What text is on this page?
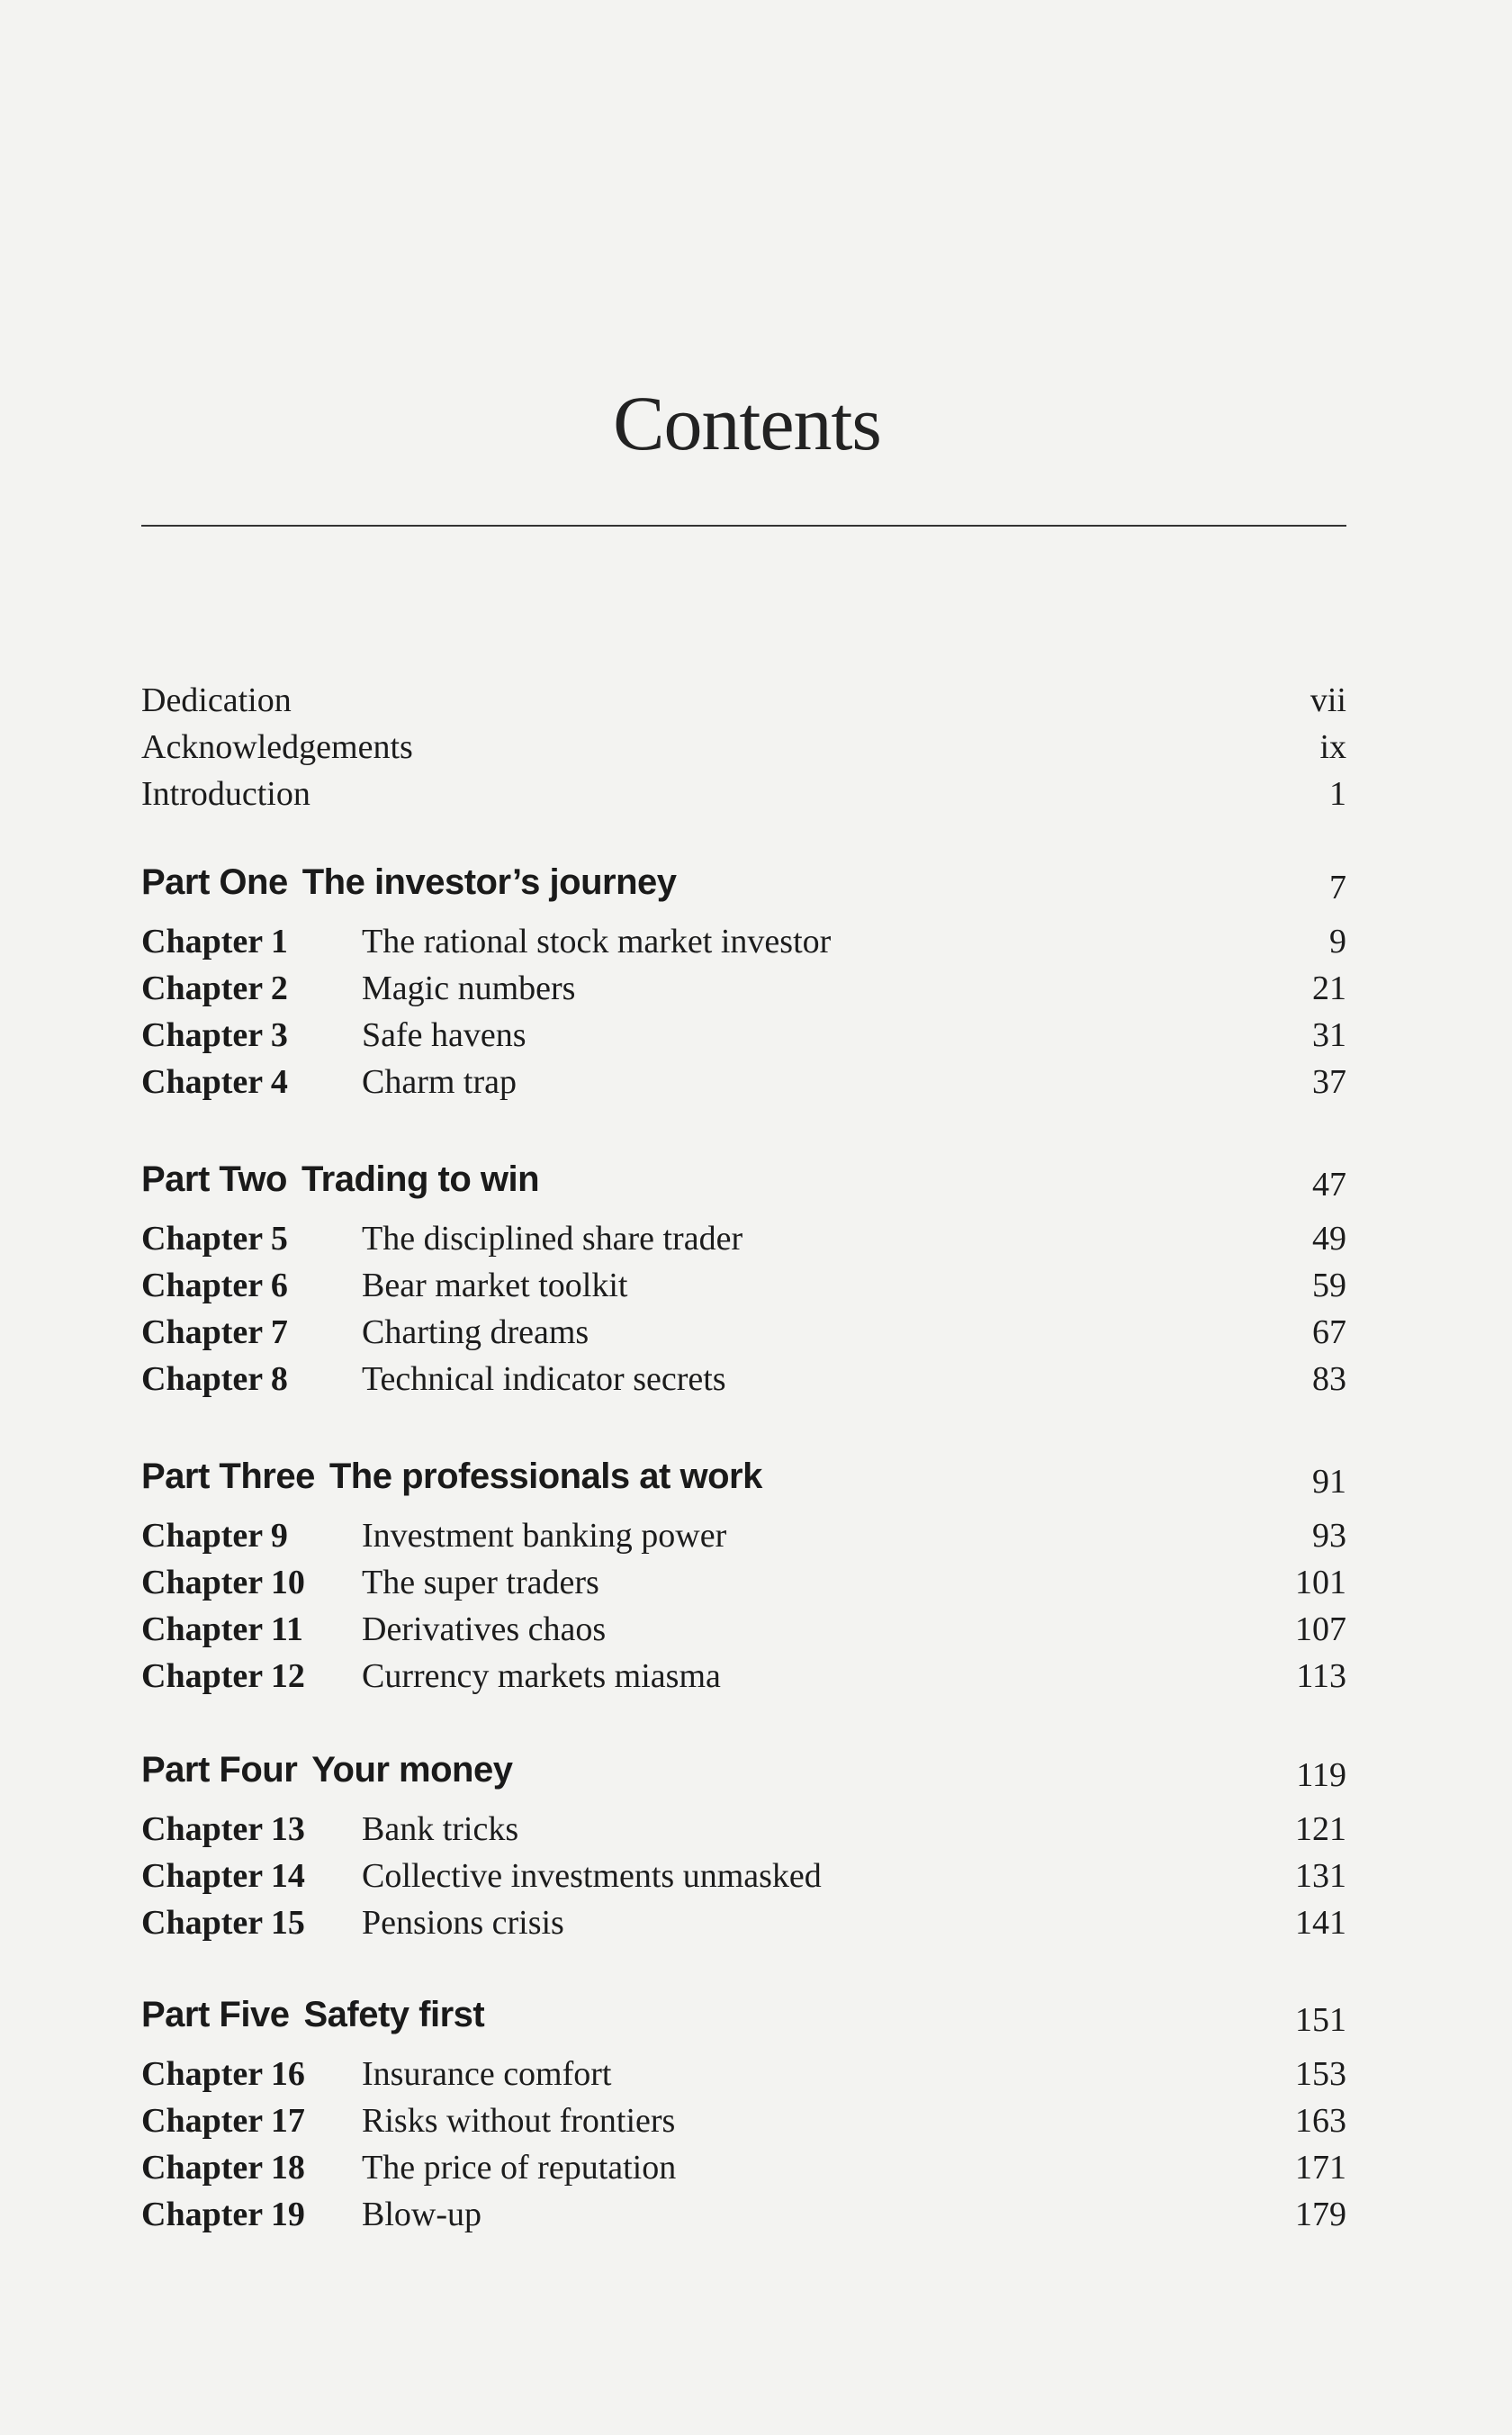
Contents
Dedication	vii
Acknowledgements	ix
Introduction	1
Part One The investor’s journey	7
Chapter 1 The rational stock market investor	9
Chapter 2 Magic numbers	21
Chapter 3 Safe havens	31
Chapter 4 Charm trap	37
Part Two Trading to win	47
Chapter 5 The disciplined share trader	49
Chapter 6 Bear market toolkit	59
Chapter 7 Charting dreams	67
Chapter 8 Technical indicator secrets	83
Part Three The professionals at work	91
Chapter 9 Investment banking power	93
Chapter 10 The super traders	101
Chapter 11 Derivatives chaos	107
Chapter 12 Currency markets miasma	113
Part Four Your money	119
Chapter 13 Bank tricks	121
Chapter 14 Collective investments unmasked	131
Chapter 15 Pensions crisis	141
Part Five Safety first	151
Chapter 16 Insurance comfort	153
Chapter 17 Risks without frontiers	163
Chapter 18 The price of reputation	171
Chapter 19 Blow-up	179
